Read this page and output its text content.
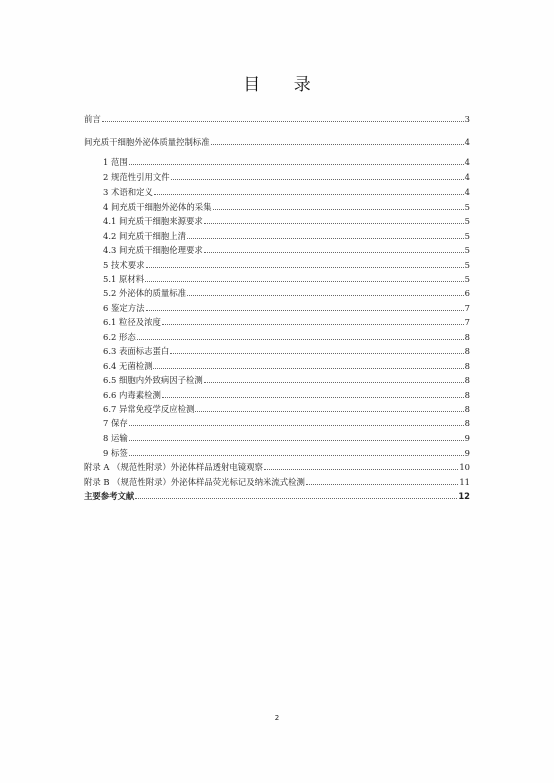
目 录
前言	3
间充质干细胞外泌体质量控制标准	4
1 范围	4
2 规范性引用文件	4
3 术语和定义	4
4 间充质干细胞外泌体的采集	5
4.1 间充质干细胞来源要求	5
4.2 间充质干细胞上清	5
4.3 间充质干细胞伦理要求	5
5 技术要求	5
5.1 原材料	5
5.2 外泌体的质量标准	6
6 鉴定方法	7
6.1 粒径及浓度	7
6.2 形态	8
6.3 表面标志蛋白	8
6.4 无菌检测	8
6.5 细胞内外致病因子检测	8
6.6 内毒素检测	8
6.7 异常免疫学反应检测	8
7 保存	8
8 运输	9
9 标签	9
附录 A （规范性附录）外泌体样品透射电镜观察	10
附录 B （规范性附录）外泌体样品荧光标记及纳米流式检测	11
主要参考文献	12
2
